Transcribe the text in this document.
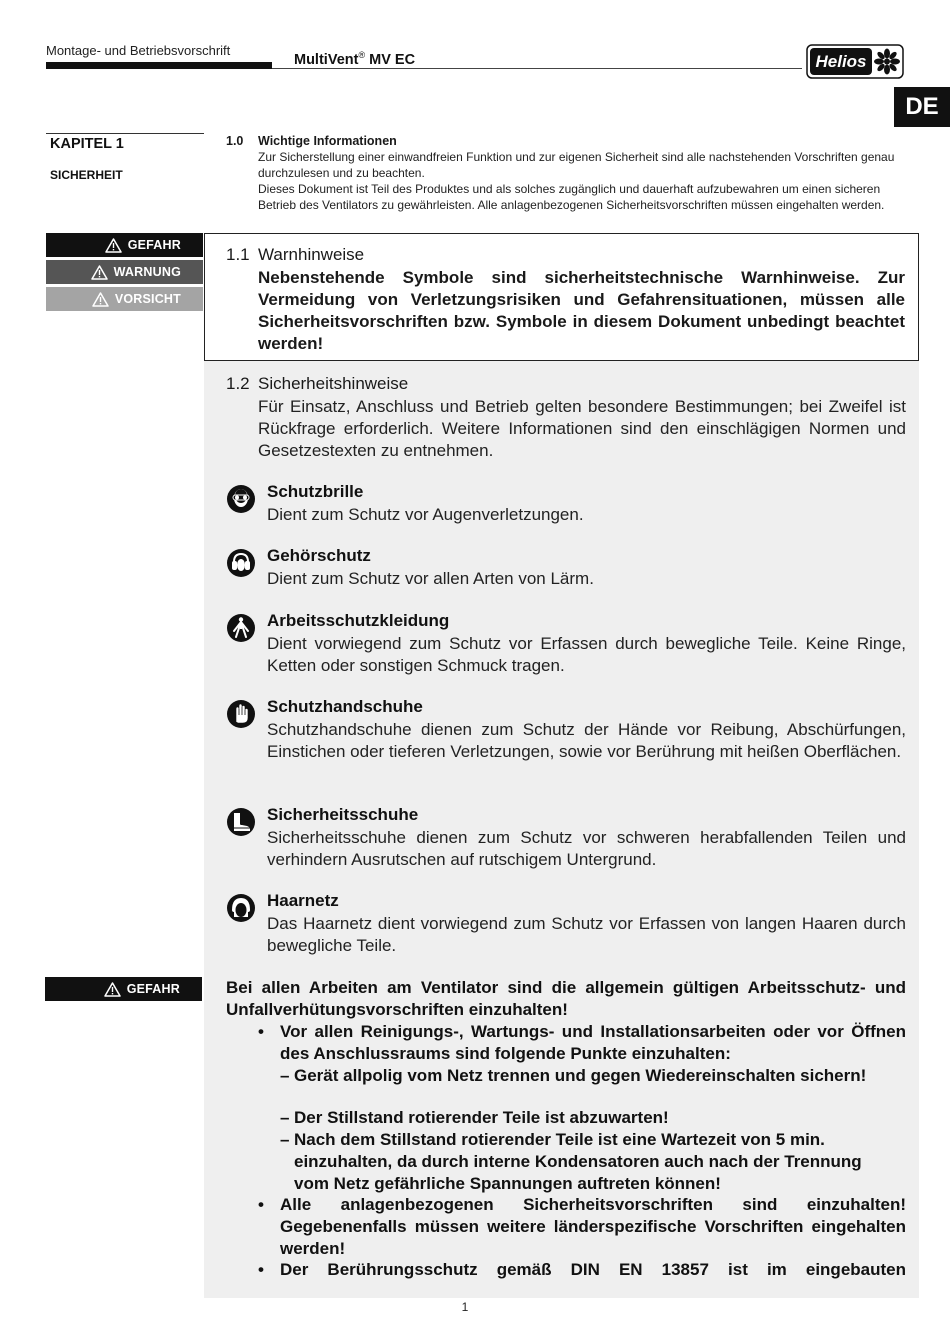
Montage- und Betriebsvorschrift
MultiVent® MV EC	Helios
DE
KAPITEL 1
SICHERHEIT
GEFAHR
WARNUNG
VORSICHT
1.0 Wichtige Informationen

Zur Sicherstellung einer einwandfreien Funktion und zur eigenen Sicherheit sind alle nachstehenden Vorschriften genau durchzulesen und zu beachten.

Dieses Dokument ist Teil des Produktes und als solches zugänglich und dauerhaft aufzubewahren um einen sicheren Betrieb des Ventilators zu gewährleisten. Alle anlagenbezogenen Sicherheitsvorschriften müssen eingehalten werden.

1.1 Warnhinweise
Nebenstehende Symbole sind sicherheitstechnische Warnhinweise. Zur Vermeidung von Verletzungsrisiken und Gefahrensituationen, müssen alle Sicherheitsvorschriften bzw. Symbole in diesem Dokument unbedingt beachtet werden!
1.2 Sicherheitshinweise
Für Einsatz, Anschluss und Betrieb gelten besondere Bestimmungen; bei Zweifel ist Rückfrage erforderlich. Weitere Informationen sind den einschlägigen Normen und Gesetzestexten zu entnehmen.
Schutzbrille
Dient zum Schutz vor Augenverletzungen.
Gehörschutz
Dient zum Schutz vor allen Arten von Lärm.
Arbeitsschutzkleidung
Dient vorwiegend zum Schutz vor Erfassen durch bewegliche Teile. Keine Ringe, Ketten oder sonstigen Schmuck tragen.
Schutzhandschuhe
Schutzhandschuhe dienen zum Schutz der Hände vor Reibung, Abschürfungen, Einstichen oder tieferen Verletzungen, sowie vor Berührung mit heißen Oberflächen.
Sicherheitsschuhe
Sicherheitsschuhe dienen zum Schutz vor schweren herabfallenden Teilen und verhindern Ausrutschen auf rutschigem Untergrund.
Haarnetz
Das Haarnetz dient vorwiegend zum Schutz vor Erfassen von langen Haaren durch bewegliche Teile.
GEFAHR	Bei allen Arbeiten am Ventilator sind die allgemein gültigen Arbeitsschutz- und Unfallverhütungsvorschriften einzuhalten!
• Vor allen Reinigungs-, Wartungs- und Installationsarbeiten oder vor Öffnen des Anschlussraums sind folgende Punkte einzuhalten:
– Gerät allpolig vom Netz trennen und gegen Wiedereinschalten sichern!
– Der Stillstand rotierender Teile ist abzuwarten!
– Nach dem Stillstand rotierender Teile ist eine Wartezeit von 5 min. einzuhalten, da durch interne Kondensatoren auch nach der Trennung vom Netz gefährliche Spannungen auftreten können!
• Alle anlagenbezogenen Sicherheitsvorschriften sind einzuhalten! Gegebenenfalls müssen weitere länderspezifische Vorschriften eingehalten werden!
• Der Berührungsschutz gemäß DIN EN 13857 ist im eingebauten
1
